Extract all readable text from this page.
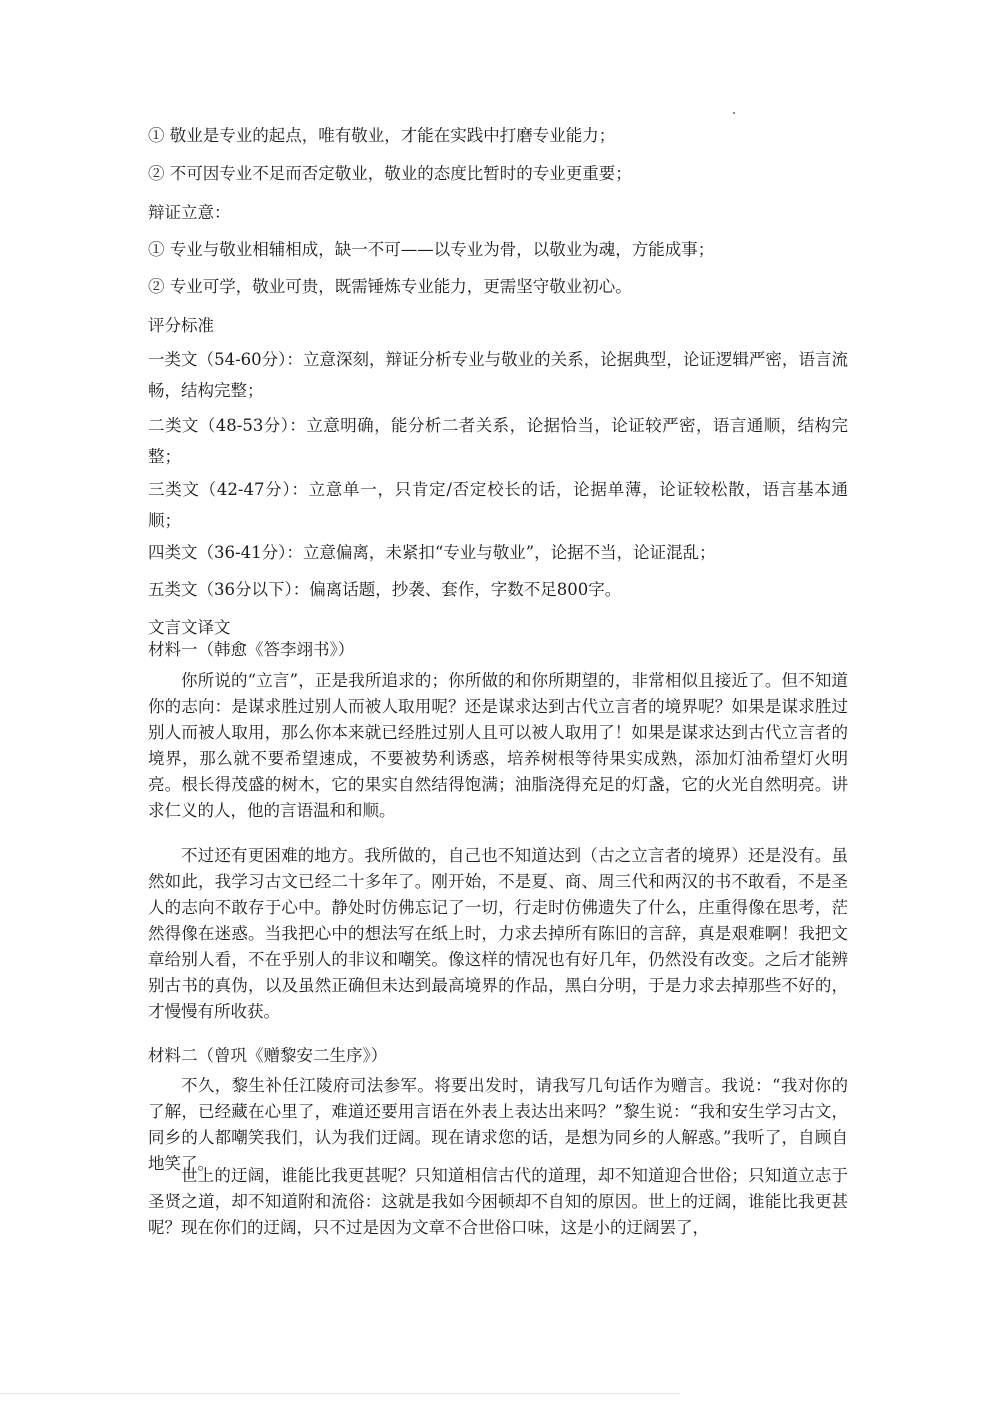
① 敬业是专业的起点，唯有敬业，才能在实践中打磨专业能力；
② 不可因专业不足而否定敬业，敬业的态度比暂时的专业更重要；
辩证立意：
① 专业与敬业相辅相成，缺一不可——以专业为骨，以敬业为魂，方能成事；
② 专业可学，敬业可贵，既需锤炼专业能力，更需坚守敬业初心。
评分标准
一类文（54-60分）：立意深刻，辩证分析专业与敬业的关系，论据典型，论证逻辑严密，语言流畅，结构完整；
二类文（48-53分）：立意明确，能分析二者关系，论据恰当，论证较严密，语言通顺，结构完整；
三类文（42-47分）：立意单一，只肯定/否定校长的话，论据单薄，论证较松散，语言基本通顺；
四类文（36-41分）：立意偏离，未紧扣“专业与敬业”，论据不当，论证混乱；
五类文（36分以下）：偏离话题，抄袭、套作，字数不足800字。
文言文译文
材料一（韩愈《答李翊书》）
你所说的“立言”，正是我所追求的；你所做的和你所期望的，非常相似且接近了。但不知道你的志向：是谋求胜过别人而被人取用呢？还是谋求达到古代立言者的境界呢？如果是谋求胜过别人而被人取用，那么你本来就已经胜过别人且可以被人取用了！如果是谋求达到古代立言者的境界，那么就不要希望速成，不要被势利诱惑，培养树根等待果实成熟，添加灯油希望灯火明亮。根长得茂盛的树木，它的果实自然结得饱满；油脂浇得充足的灯盏，它的火光自然明亮。讲求仁义的人，他的言语温和和顺。
不过还有更困难的地方。我所做的，自己也不知道达到（古之立言者的境界）还是没有。虽然如此，我学习古文已经二十多年了。刚开始，不是夏、商、周三代和两汉的书不敢看，不是圣人的志向不敢存于心中。静处时仿佛忘记了一切，行走时仿佛遗失了什么，庄重得像在思考，茫然得像在迷惑。当我把心中的想法写在纸上时，力求去掉所有陈旧的言辞，真是艰难啊！我把文章给别人看，不在乎别人的非议和嘲笑。像这样的情况也有好几年，仍然没有改变。之后才能辨别古书的真伪，以及虽然正确但未达到最高境界的作品，黑白分明，于是力求去掉那些不好的，才慢慢有所收获。
材料二（曾巩《赠黎安二生序》）
不久，黎生补任江陵府司法参军。将要出发时，请我写几句话作为赠言。我说：“我对你的了解，已经藏在心里了，难道还要用言语在外表上表达出来吗？”黎生说：“我和安生学习古文，同乡的人都嘲笑我们，认为我们迂阔。现在请求您的话，是想为同乡的人解惑。”我听了，自顾自地笑了。
世上的迂阔，谁能比我更甚呢？只知道相信古代的道理，却不知道迎合世俗；只知道立志于圣贤之道，却不知道附和流俗：这就是我如今困顿却不自知的原因。世上的迂阔，谁能比我更甚呢？现在你们的迂阔，只不过是因为文章不合世俗口味，这是小的迂阔罢了，
